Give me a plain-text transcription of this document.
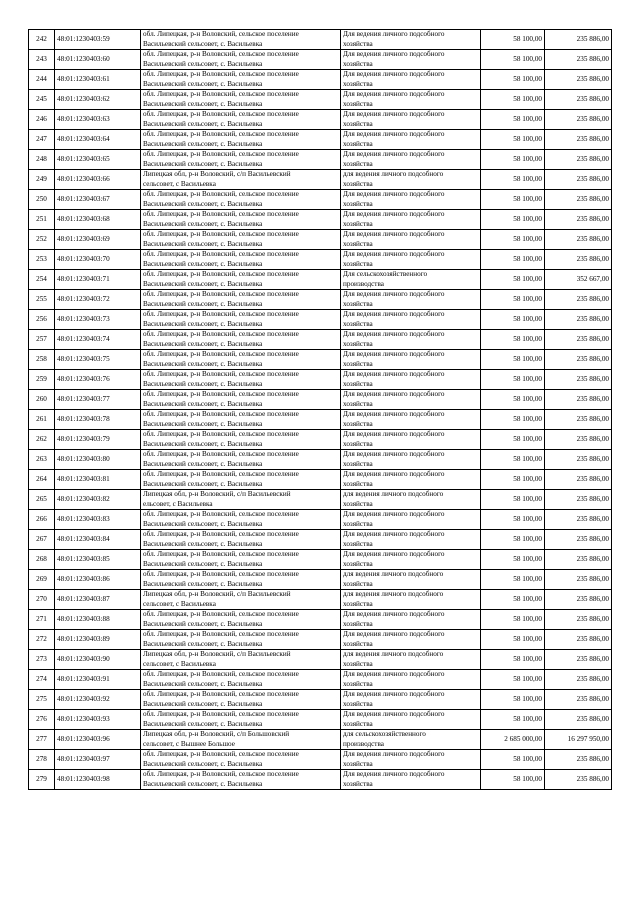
242	48:01:1230403:59	обл. Липецкая, р-н Воловский, сельское поселение
Васильевский сельсовет, с. Васильевка	Для ведения личного подсобного
хозяйства	58 100,00	235 886,00
243	48:01:1230403:60	обл. Липецкая, р-н Воловский, сельское поселение
Васильевский сельсовет, с. Васильевка	Для ведения личного подсобного
хозяйства	58 100,00	235 886,00
244	48:01:1230403:61	обл. Липецкая, р-н Воловский, сельское поселение
Васильевский сельсовет, с. Васильевка	Для ведения личного подсобного
хозяйства	58 100,00	235 886,00
245	48:01:1230403:62	обл. Липецкая, р-н Воловский, сельское поселение
Васильевский сельсовет, с. Васильевка	Для ведения личного подсобного
хозяйства	58 100,00	235 886,00
246	48:01:1230403:63	обл. Липецкая, р-н Воловский, сельское поселение
Васильевский сельсовет, с. Васильевка	Для ведения личного подсобного
хозяйства	58 100,00	235 886,00
247	48:01:1230403:64	обл. Липецкая, р-н Воловский, сельское поселение
Васильевский сельсовет, с. Васильевка	Для ведения личного подсобного
хозяйства	58 100,00	235 886,00
248	48:01:1230403:65	обл. Липецкая, р-н Воловский, сельское поселение
Васильевский сельсовет, с. Васильевка	Для ведения личного подсобного
хозяйства	58 100,00	235 886,00
249	48:01:1230403:66	Липецкая обл, р-н Воловский, с/п Васильевский
сельсовет, с Васильевка	для ведения личного подсобного
хозяйства	58 100,00	235 886,00
250	48:01:1230403:67	обл. Липецкая, р-н Воловский, сельское поселение
Васильевский сельсовет, с. Васильевка	Для ведения личного подсобного
хозяйства	58 100,00	235 886,00
251	48:01:1230403:68	обл. Липецкая, р-н Воловский, сельское поселение
Васильевский сельсовет, с. Васильевка	Для ведения личного подсобного
хозяйства	58 100,00	235 886,00
252	48:01:1230403:69	обл. Липецкая, р-н Воловский, сельское поселение
Васильевский сельсовет, с. Васильевка	Для ведения личного подсобного
хозяйства	58 100,00	235 886,00
253	48:01:1230403:70	обл. Липецкая, р-н Воловский, сельское поселение
Васильевский сельсовет, с. Васильевка	Для ведения личного подсобного
хозяйства	58 100,00	235 886,00
254	48:01:1230403:71	обл. Липецкая, р-н Воловский, сельское поселение
Васильевский сельсовет, с. Васильевка	Для сельскохозяйственного
производства	58 100,00	352 667,00
255	48:01:1230403:72	обл. Липецкая, р-н Воловский, сельское поселение
Васильевский сельсовет, с. Васильевка	Для ведения личного подсобного
хозяйства	58 100,00	235 886,00
256	48:01:1230403:73	обл. Липецкая, р-н Воловский, сельское поселение
Васильевский сельсовет, с. Васильевка	Для ведения личного подсобного
хозяйства	58 100,00	235 886,00
257	48:01:1230403:74	обл. Липецкая, р-н Воловский, сельское поселение
Васильевский сельсовет, с. Васильевка	Для ведения личного подсобного
хозяйства	58 100,00	235 886,00
258	48:01:1230403:75	обл. Липецкая, р-н Воловский, сельское поселение
Васильевский сельсовет, с. Васильевка	Для ведения личного подсобного
хозяйства	58 100,00	235 886,00
259	48:01:1230403:76	обл. Липецкая, р-н Воловский, сельское поселение
Васильевский сельсовет, с. Васильевка	Для ведения личного подсобного
хозяйства	58 100,00	235 886,00
260	48:01:1230403:77	обл. Липецкая, р-н Воловский, сельское поселение
Васильевский сельсовет, с. Васильевка	Для ведения личного подсобного
хозяйства	58 100,00	235 886,00
261	48:01:1230403:78	обл. Липецкая, р-н Воловский, сельское поселение
Васильевский сельсовет, с. Васильевка	Для ведения личного подсобного
хозяйства	58 100,00	235 886,00
262	48:01:1230403:79	обл. Липецкая, р-н Воловский, сельское поселение
Васильевский сельсовет, с. Васильевка	Для ведения личного подсобного
хозяйства	58 100,00	235 886,00
263	48:01:1230403:80	обл. Липецкая, р-н Воловский, сельское поселение
Васильевский сельсовет, с. Васильевка	Для ведения личного подсобного
хозяйства	58 100,00	235 886,00
264	48:01:1230403:81	обл. Липецкая, р-н Воловский, сельское поселение
Васильевский сельсовет, с. Васильевка	Для ведения личного подсобного
хозяйства	58 100,00	235 886,00
265	48:01:1230403:82	Липецкая обл, р-н Воловский, с/п Васильевский
ельсовет, с Васильевка	для ведения личного подсобного
хозяйства	58 100,00	235 886,00
266	48:01:1230403:83	обл. Липецкая, р-н Воловский, сельское поселение
Васильевский сельсовет, с. Васильевка	Для ведения личного подсобного
хозяйства	58 100,00	235 886,00
267	48:01:1230403:84	обл. Липецкая, р-н Воловский, сельское поселение
Васильевский сельсовет, с. Васильевка	Для ведения личного подсобного
хозяйства	58 100,00	235 886,00
268	48:01:1230403:85	обл. Липецкая, р-н Воловский, сельское поселение
Васильевский сельсовет, с. Васильевка	Для ведения личного подсобного
хозяйства	58 100,00	235 886,00
269	48:01:1230403:86	обл. Липецкая, р-н Воловский, сельское поселение
Васильевский сельсовет, с. Васильевка	для ведения личного подсобного
хозяйства	58 100,00	235 886,00
270	48:01:1230403:87	Липецкая обл, р-н Воловский, с/п Васильевский
сельсовет, с Васильевка	для ведения личного подсобного
хозяйства	58 100,00	235 886,00
271	48:01:1230403:88	обл. Липецкая, р-н Воловский, сельское поселение
Васильевский сельсовет, с. Васильевка	Для ведения личного подсобного
хозяйства	58 100,00	235 886,00
272	48:01:1230403:89	обл. Липецкая, р-н Воловский, сельское поселение
Васильевский сельсовет, с. Васильевка	Для ведения личного подсобного
хозяйства	58 100,00	235 886,00
273	48:01:1230403:90	Липецкая обл, р-н Воловский, с/п Васильевский
сельсовет, с Васильевка	для ведения личного подсобного
хозяйства	58 100,00	235 886,00
274	48:01:1230403:91	обл. Липецкая, р-н Воловский, сельское поселение
Васильевский сельсовет, с. Васильевка	Для ведения личного подсобного
хозяйства	58 100,00	235 886,00
275	48:01:1230403:92	обл. Липецкая, р-н Воловский, сельское поселение
Васильевский сельсовет, с. Васильевка	Для ведения личного подсобного
хозяйства	58 100,00	235 886,00
276	48:01:1230403:93	обл. Липецкая, р-н Воловский, сельское поселение
Васильевский сельсовет, с. Васильевка	Для ведения личного подсобного
хозяйства	58 100,00	235 886,00
277	48:01:1230403:96	Липецкая обл, р-н Воловский, с/п Большовский
сельсовет, с Вышнее Большое	для сельскохозяйственного
производства	2 685 000,00	16 297 950,00
278	48:01:1230403:97	обл. Липецкая, р-н Воловский, сельское поселение
Васильевский сельсовет, с. Васильевка	Для ведения личного подсобного
хозяйства	58 100,00	235 886,00
279	48:01:1230403:98	обл. Липецкая, р-н Воловский, сельское поселение
Васильевский сельсовет, с. Васильевка	Для ведения личного подсобного
хозяйства	58 100,00	235 886,00
